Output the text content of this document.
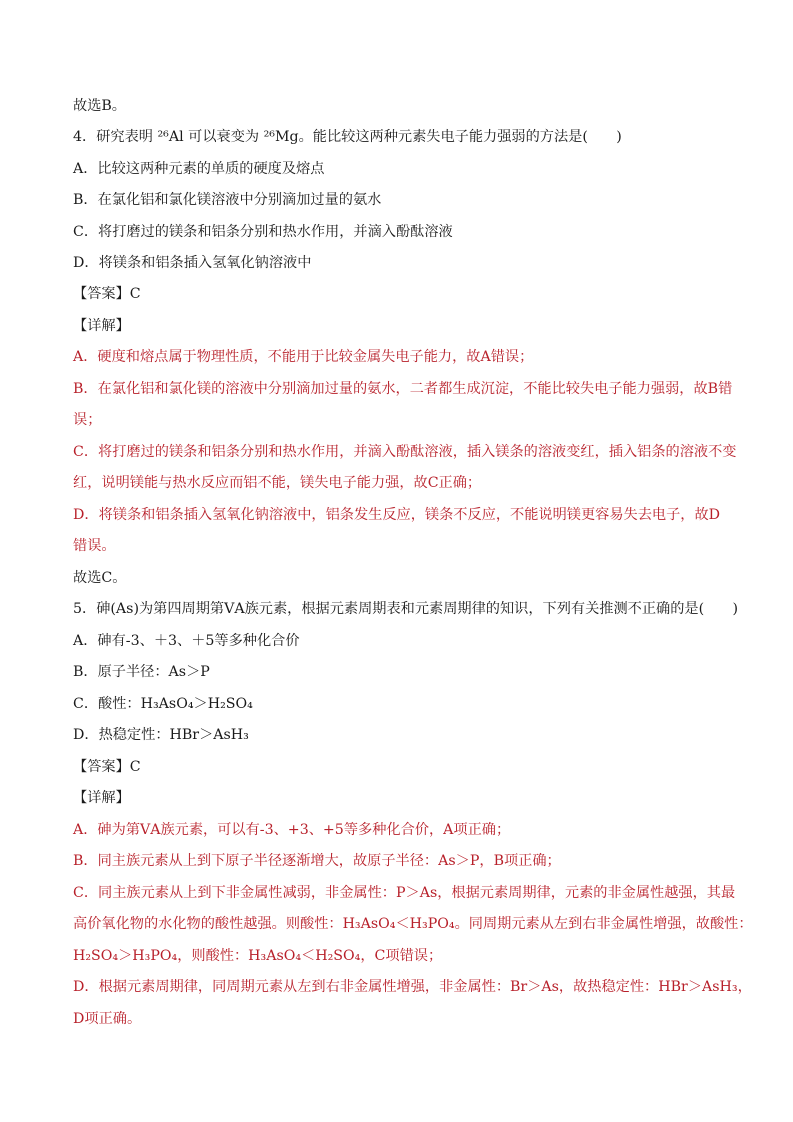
故选B。
4．研究表明 ²⁶Al 可以衰变为 ²⁶Mg。能比较这两种元素失电子能力强弱的方法是(　　)
A．比较这两种元素的单质的硬度及熔点
B．在氯化铝和氯化镁溶液中分别滴加过量的氨水
C．将打磨过的镁条和铝条分别和热水作用，并滴入酚酞溶液
D．将镁条和铝条插入氢氧化钠溶液中
【答案】C
【详解】
A．硬度和熔点属于物理性质，不能用于比较金属失电子能力，故A错误；
B．在氯化铝和氯化镁的溶液中分别滴加过量的氨水，二者都生成沉淀，不能比较失电子能力强弱，故B错
误；
C．将打磨过的镁条和铝条分别和热水作用，并滴入酚酞溶液，插入镁条的溶液变红，插入铝条的溶液不变
红，说明镁能与热水反应而铝不能，镁失电子能力强，故C正确；
D．将镁条和铝条插入氢氧化钠溶液中，铝条发生反应，镁条不反应，不能说明镁更容易失去电子，故D
错误。
故选C。
5．砷(As)为第四周期第ⅤA族元素，根据元素周期表和元素周期律的知识，下列有关推测不正确的是(　　)
A．砷有-3、＋3、＋5等多种化合价
B．原子半径：As＞P
C．酸性：H₃AsO₄＞H₂SO₄
D．热稳定性：HBr＞AsH₃
【答案】C
【详解】
A．砷为第ⅤA族元素，可以有-3、+3、+5等多种化合价，A项正确；
B．同主族元素从上到下原子半径逐渐增大，故原子半径：As＞P，B项正确；
C．同主族元素从上到下非金属性减弱，非金属性：P＞As，根据元素周期律，元素的非金属性越强，其最
高价氧化物的水化物的酸性越强。则酸性：H₃AsO₄＜H₃PO₄。同周期元素从左到右非金属性增强，故酸性：
H₂SO₄＞H₃PO₄，则酸性：H₃AsO₄＜H₂SO₄，C项错误；
D．根据元素周期律，同周期元素从左到右非金属性增强，非金属性：Br＞As，故热稳定性：HBr＞AsH₃，
D项正确。
